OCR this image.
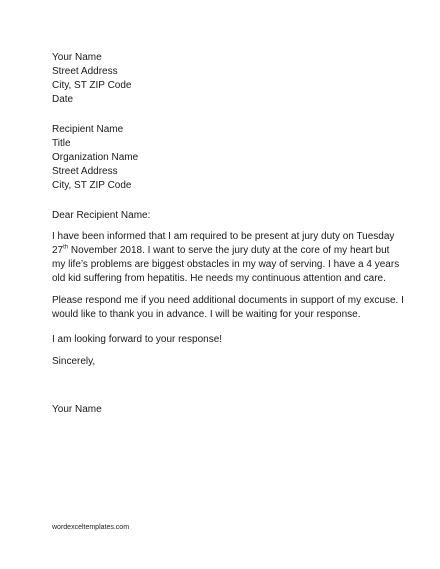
Your Name
Street Address
City, ST ZIP Code
Date
Recipient Name
Title
Organization Name
Street Address
City, ST ZIP Code
Dear Recipient Name:
I have been informed that I am required to be present at jury duty on Tuesday
27th November 2018. I want to serve the jury duty at the core of my heart but
my life’s problems are biggest obstacles in my way of serving. I have a 4 years
old kid suffering from hepatitis. He needs my continuous attention and care.
Please respond me if you need additional documents in support of my excuse. I
would like to thank you in advance. I will be waiting for your response.
I am looking forward to your response!
Sincerely,
Your Name
wordexceltemplates.com
